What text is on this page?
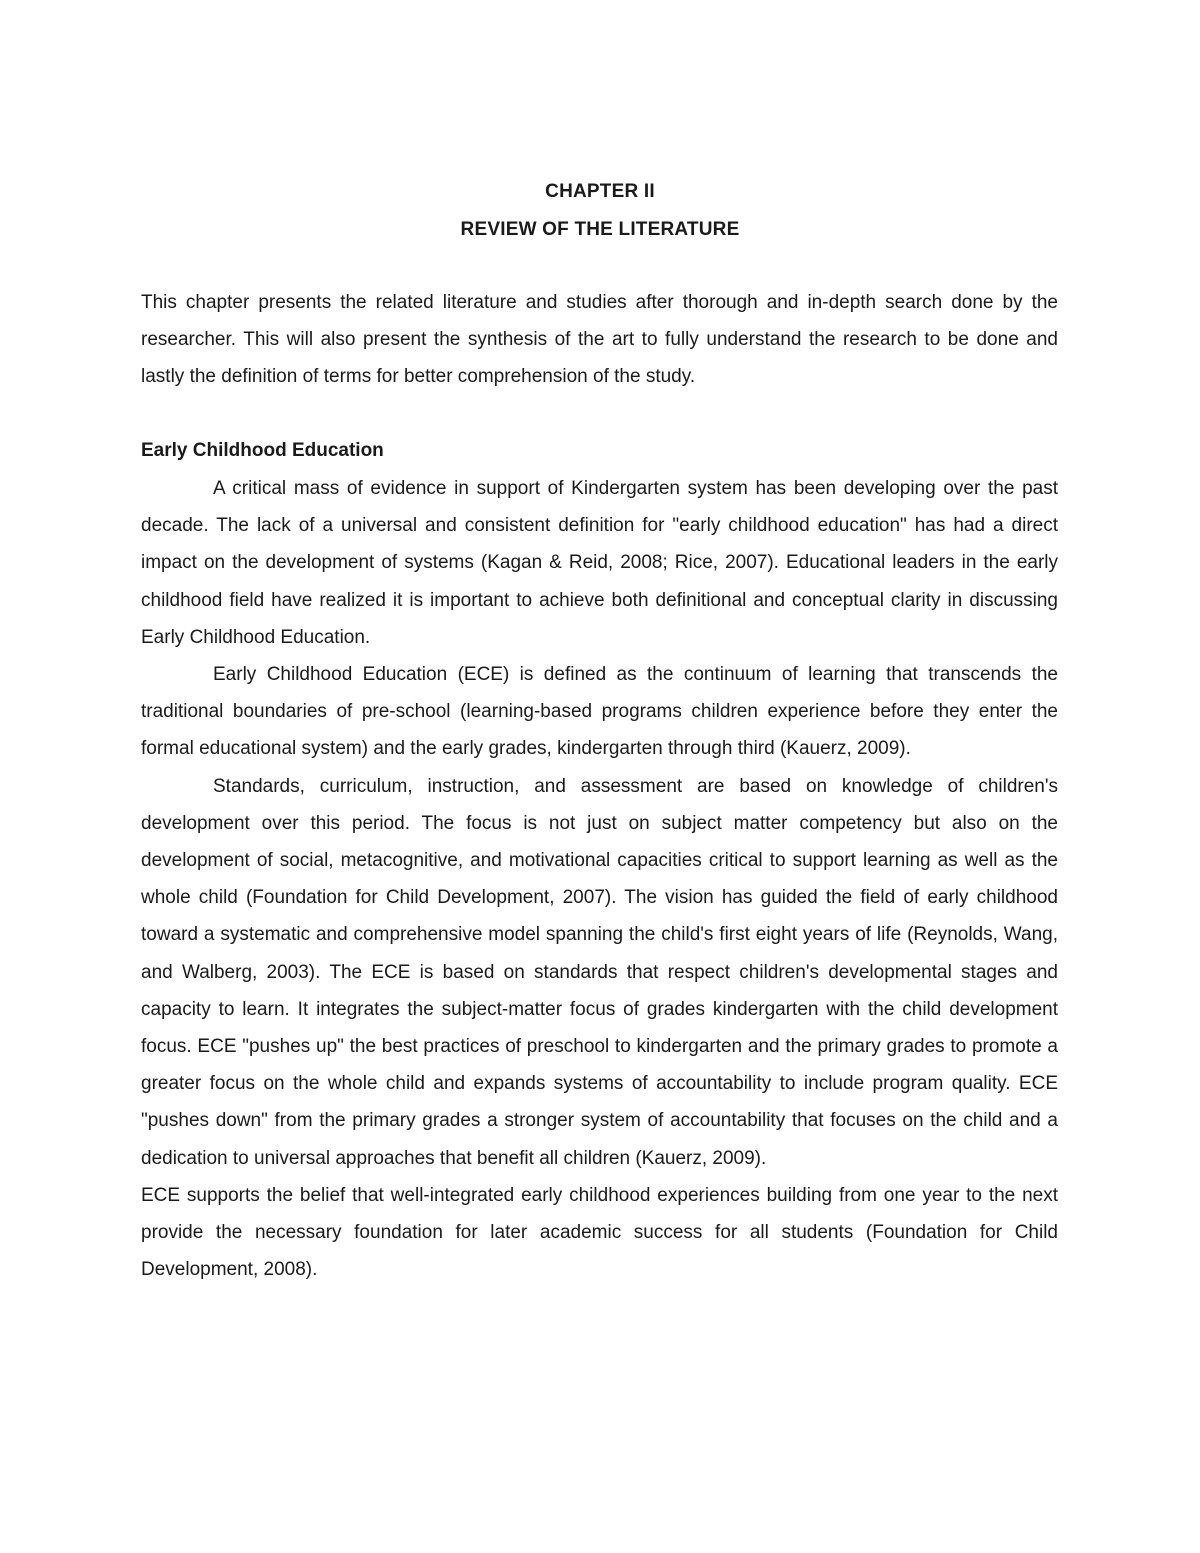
CHAPTER II
REVIEW OF THE LITERATURE

This chapter presents the related literature and studies after thorough and in-depth search done by the researcher. This will also present the synthesis of the art to fully understand the research to be done and lastly the definition of terms for better comprehension of the study.

Early Childhood Education

A critical mass of evidence in support of Kindergarten system has been developing over the past decade. The lack of a universal and consistent definition for "early childhood education" has had a direct impact on the development of systems (Kagan & Reid, 2008; Rice, 2007). Educational leaders in the early childhood field have realized it is important to achieve both definitional and conceptual clarity in discussing Early Childhood Education.

Early Childhood Education (ECE) is defined as the continuum of learning that transcends the traditional boundaries of pre-school (learning-based programs children experience before they enter the formal educational system) and the early grades, kindergarten through third (Kauerz, 2009).

Standards, curriculum, instruction, and assessment are based on knowledge of children's development over this period. The focus is not just on subject matter competency but also on the development of social, metacognitive, and motivational capacities critical to support learning as well as the whole child (Foundation for Child Development, 2007). The vision has guided the field of early childhood toward a systematic and comprehensive model spanning the child's first eight years of life (Reynolds, Wang, and Walberg, 2003). The ECE is based on standards that respect children's developmental stages and capacity to learn. It integrates the subject-matter focus of grades kindergarten with the child development focus. ECE "pushes up" the best practices of preschool to kindergarten and the primary grades to promote a greater focus on the whole child and expands systems of accountability to include program quality. ECE "pushes down" from the primary grades a stronger system of accountability that focuses on the child and a dedication to universal approaches that benefit all children (Kauerz, 2009).

ECE supports the belief that well-integrated early childhood experiences building from one year to the next provide the necessary foundation for later academic success for all students (Foundation for Child Development, 2008).
